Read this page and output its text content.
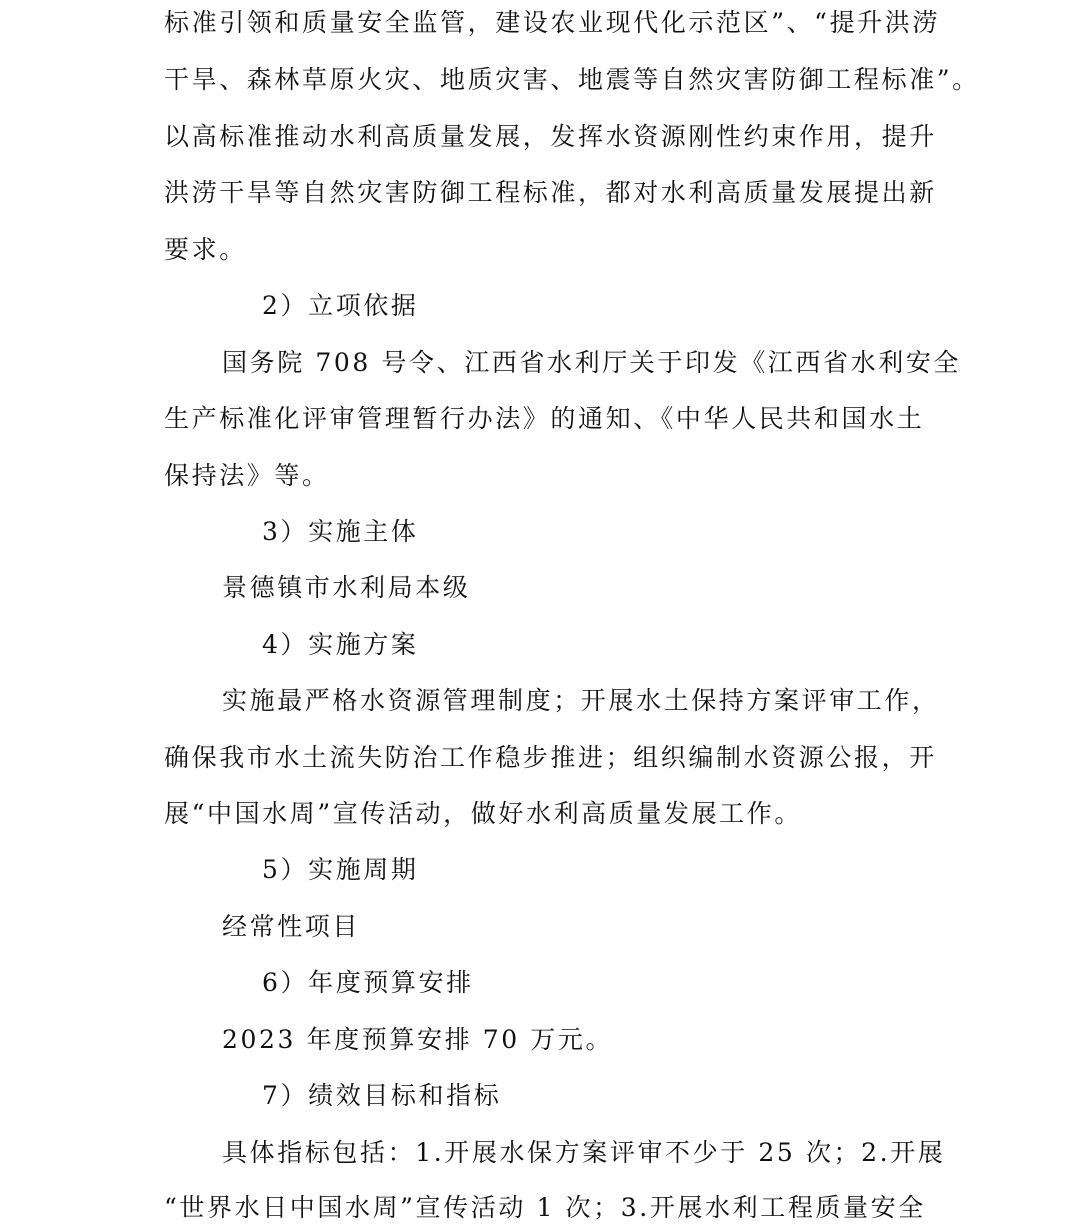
标准引领和质量安全监管，建设农业现代化示范区”、“提升洪涝
干旱、森林草原火灾、地质灾害、地震等自然灾害防御工程标准”。
以高标准推动水利高质量发展，发挥水资源刚性约束作用，提升
洪涝干旱等自然灾害防御工程标准，都对水利高质量发展提出新
要求。
2）立项依据
国务院 708 号令、江西省水利厅关于印发《江西省水利安全
生产标准化评审管理暂行办法》的通知、《中华人民共和国水土
保持法》等。
3）实施主体
景德镇市水利局本级
4）实施方案
实施最严格水资源管理制度；开展水土保持方案评审工作，
确保我市水土流失防治工作稳步推进；组织编制水资源公报，开
展“中国水周”宣传活动，做好水利高质量发展工作。
5）实施周期
经常性项目
6）年度预算安排
2023 年度预算安排 70 万元。
7）绩效目标和指标
具体指标包括：1.开展水保方案评审不少于 25 次；2.开展
“世界水日中国水周”宣传活动 1 次；3.开展水利工程质量安全
